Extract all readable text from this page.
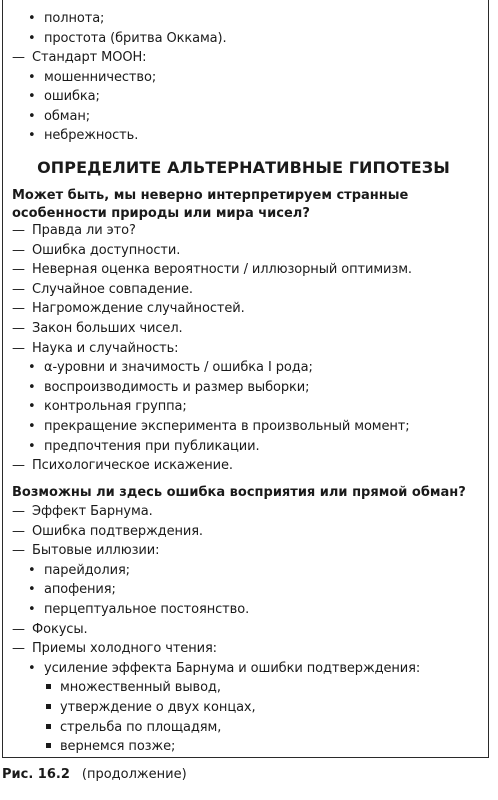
• полнота;
• простота (бритва Оккама).
— Стандарт МООН:
• мошенничество;
• ошибка;
• обман;
• небрежность.
ОПРЕДЕЛИТЕ АЛЬТЕРНАТИВНЫЕ ГИПОТЕЗЫ
Может быть, мы неверно интерпретируем странные особенности природы или мира чисел?
— Правда ли это?
— Ошибка доступности.
— Неверная оценка вероятности / иллюзорный оптимизм.
— Случайное совпадение.
— Нагромождение случайностей.
— Закон больших чисел.
— Наука и случайность:
• α-уровни и значимость / ошибка I рода;
• воспроизводимость и размер выборки;
• контрольная группа;
• прекращение эксперимента в произвольный момент;
• предпочтения при публикации.
— Психологическое искажение.
Возможны ли здесь ошибка восприятия или прямой обман?
— Эффект Барнума.
— Ошибка подтверждения.
— Бытовые иллюзии:
• парейдолия;
• апофения;
• перцептуальное постоянство.
— Фокусы.
— Приемы холодного чтения:
• усиление эффекта Барнума и ошибки подтверждения:
множественный вывод,
утверждение о двух концах,
стрельба по площадям,
вернемся позже;
Рис. 16.2 (продолжение)
